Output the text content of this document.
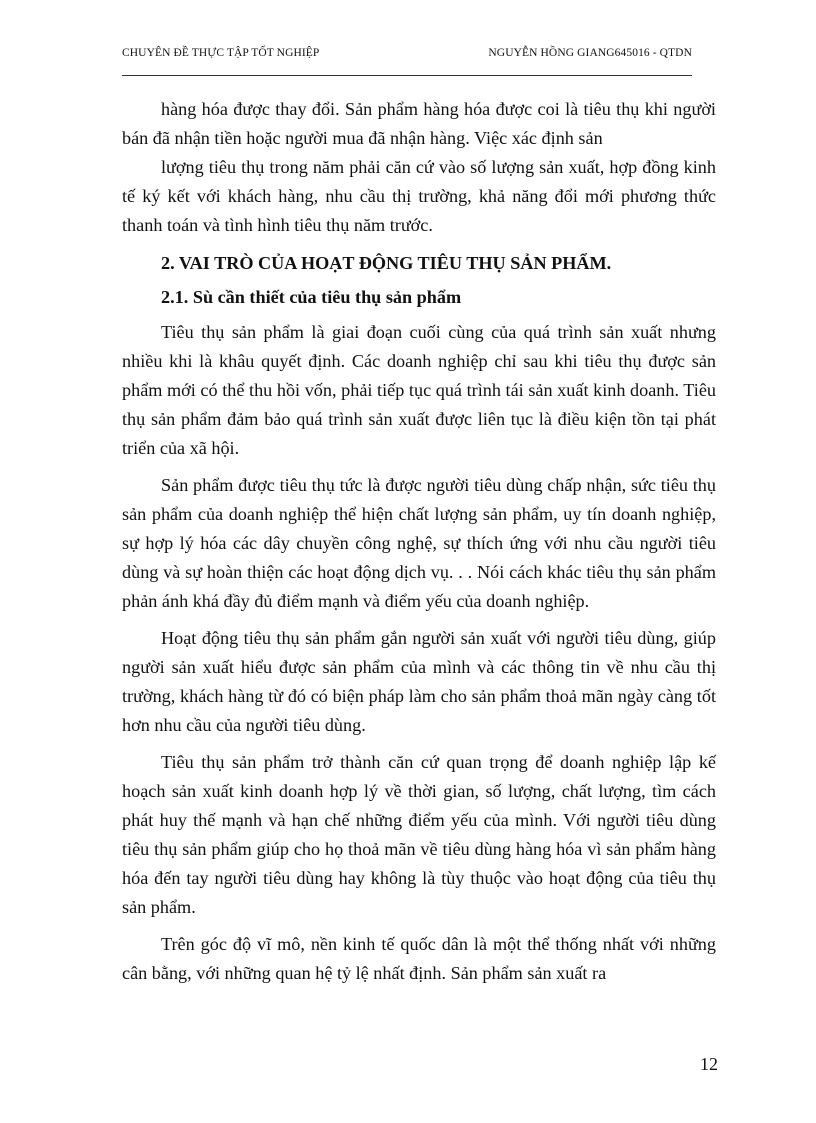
CHUYÊN ĐỀ THỰC TẬP TỐT NGHIỆP	NGUYỄN HỒNG GIANG645016 - QTDN

hàng hóa được thay đổi. Sản phẩm hàng hóa được coi là tiêu thụ khi người bán đã nhận tiền hoặc người mua đã nhận hàng. Việc xác định sản

lượng tiêu thụ trong năm phải căn cứ vào số lượng sản xuất, hợp đồng kinh tế ký kết với khách hàng, nhu cầu thị trường, khả năng đổi mới phương thức thanh toán và tình hình tiêu thụ năm trước.

2. VAI TRÒ CỦA HOẠT ĐỘNG TIÊU THỤ SẢN PHẨM.
2.1. Sù cần thiết của tiêu thụ sản phẩm

Tiêu thụ sản phẩm là giai đoạn cuối cùng của quá trình sản xuất nhưng nhiều khi là khâu quyết định. Các doanh nghiệp chỉ sau khi tiêu thụ được sản phẩm mới có thể thu hồi vốn, phải tiếp tục quá trình tái sản xuất kinh doanh. Tiêu thụ sản phẩm đảm bảo quá trình sản xuất được liên tục là điều kiện tồn tại phát triển của xã hội.

Sản phẩm được tiêu thụ tức là được người tiêu dùng chấp nhận, sức tiêu thụ sản phẩm của doanh nghiệp thể hiện chất lượng sản phẩm, uy tín doanh nghiệp, sự hợp lý hóa các dây chuyền công nghệ, sự thích ứng với nhu cầu người tiêu dùng và sự hoàn thiện các hoạt động dịch vụ. . . Nói cách khác tiêu thụ sản phẩm phản ánh khá đầy đủ điểm mạnh và điểm yếu của doanh nghiệp.

Hoạt động tiêu thụ sản phẩm gắn người sản xuất với người tiêu dùng, giúp người sản xuất hiểu được sản phẩm của mình và các thông tin về nhu cầu thị trường, khách hàng từ đó có biện pháp làm cho sản phẩm thoả mãn ngày càng tốt hơn nhu cầu của người tiêu dùng.

Tiêu thụ sản phẩm trở thành căn cứ quan trọng để doanh nghiệp lập kế hoạch sản xuất kinh doanh hợp lý về thời gian, số lượng, chất lượng, tìm cách phát huy thế mạnh và hạn chế những điểm yếu của mình. Với người tiêu dùng tiêu thụ sản phẩm giúp cho họ thoả mãn về tiêu dùng hàng hóa vì sản phẩm hàng hóa đến tay người tiêu dùng hay không là tùy thuộc vào hoạt động của tiêu thụ sản phẩm.

Trên góc độ vĩ mô, nền kinh tế quốc dân là một thể thống nhất với những cân bằng, với những quan hệ tỷ lệ nhất định. Sản phẩm sản xuất ra

12
